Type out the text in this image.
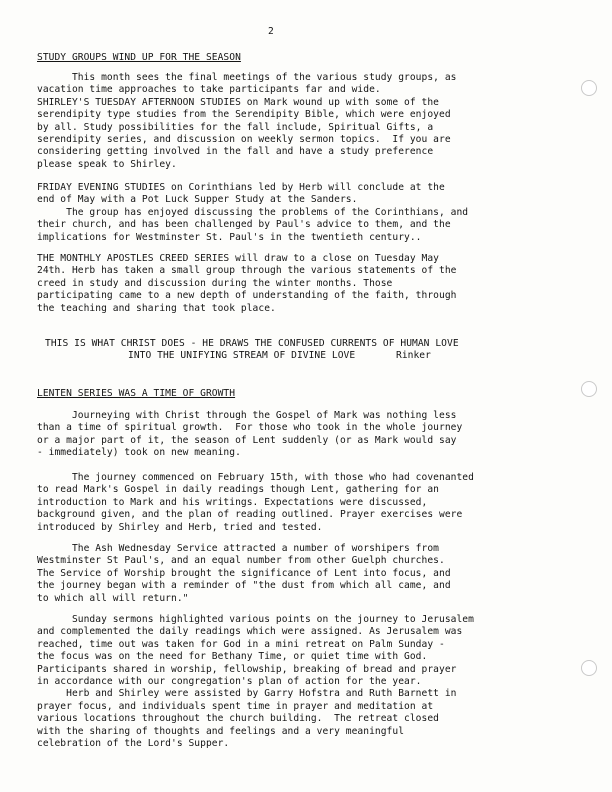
2
STUDY GROUPS WIND UP FOR THE SEASON

This month sees the final meetings of the various study groups, as
vacation time approaches to take participants far and wide.
SHIRLEY'S TUESDAY AFTERNOON STUDIES on Mark wound up with some of the
serendipity type studies from the Serendipity Bible, which were enjoyed
by all. Study possibilities for the fall include, Spiritual Gifts, a
serendipity series, and discussion on weekly sermon topics.  If you are
considering getting involved in the fall and have a study preference
please speak to Shirley.

FRIDAY EVENING STUDIES on Corinthians led by Herb will conclude at the
end of May with a Pot Luck Supper Study at the Sanders.
The group has enjoyed discussing the problems of the Corinthians, and
their church, and has been challenged by Paul's advice to them, and the
implications for Westminster St. Paul's in the twentieth century..

THE MONTHLY APOSTLES CREED SERIES will draw to a close on Tuesday May
24th. Herb has taken a small group through the various statements of the
creed in study and discussion during the winter months. Those
participating came to a new depth of understanding of the faith, through
the teaching and sharing that took place.

THIS IS WHAT CHRIST DOES - HE DRAWS THE CONFUSED CURRENTS OF HUMAN LOVE
INTO THE UNIFYING STREAM OF DIVINE LOVE       Rinker
LENTEN SERIES WAS A TIME OF GROWTH

Journeying with Christ through the Gospel of Mark was nothing less
than a time of spiritual growth.  For those who took in the whole journey
or a major part of it, the season of Lent suddenly (or as Mark would say
- immediately) took on new meaning.

The journey commenced on February 15th, with those who had covenanted
to read Mark's Gospel in daily readings though Lent, gathering for an
introduction to Mark and his writings. Expectations were discussed,
background given, and the plan of reading outlined. Prayer exercises were
introduced by Shirley and Herb, tried and tested.

The Ash Wednesday Service attracted a number of worshipers from
Westminster St Paul's, and an equal number from other Guelph churches.
The Service of Worship brought the significance of Lent into focus, and
the journey began with a reminder of "the dust from which all came, and
to which all will return."

Sunday sermons highlighted various points on the journey to Jerusalem
and complemented the daily readings which were assigned. As Jerusalem was
reached, time out was taken for God in a mini retreat on Palm Sunday -
the focus was on the need for Bethany Time, or quiet time with God.
Participants shared in worship, fellowship, breaking of bread and prayer
in accordance with our congregation's plan of action for the year.
Herb and Shirley were assisted by Garry Hofstra and Ruth Barnett in
prayer focus, and individuals spent time in prayer and meditation at
various locations throughout the church building.  The retreat closed
with the sharing of thoughts and feelings and a very meaningful
celebration of the Lord's Supper.
